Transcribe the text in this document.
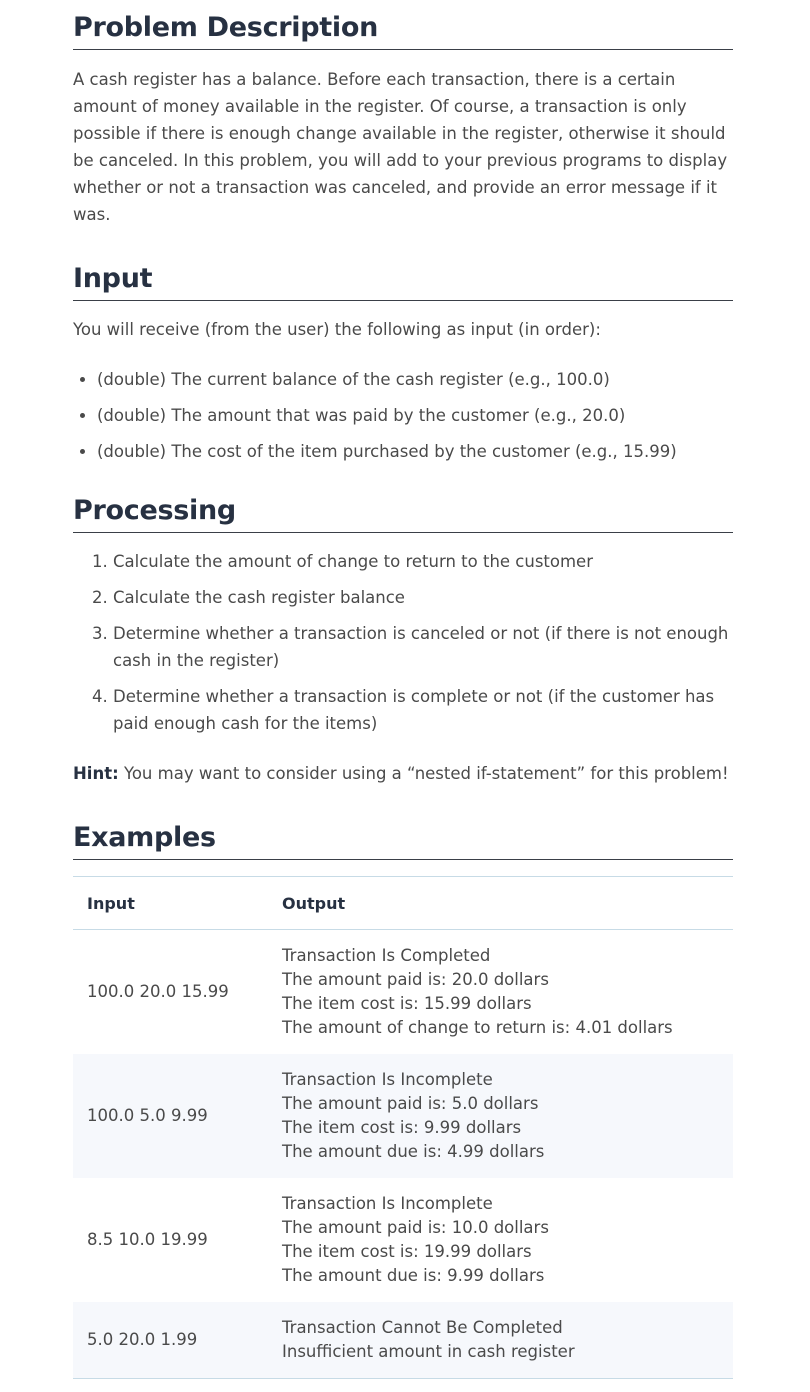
Problem Description

A cash register has a balance. Before each transaction, there is a certain amount of money available in the register. Of course, a transaction is only possible if there is enough change available in the register, otherwise it should be canceled. In this problem, you will add to your previous programs to display whether or not a transaction was canceled, and provide an error message if it was.

Input

You will receive (from the user) the following as input (in order):

• (double) The current balance of the cash register (e.g., 100.0)
• (double) The amount that was paid by the customer (e.g., 20.0)
• (double) The cost of the item purchased by the customer (e.g., 15.99)
Processing
1. Calculate the amount of change to return to the customer
2. Calculate the cash register balance
3. Determine whether a transaction is canceled or not (if there is not enough cash in the register)
4. Determine whether a transaction is complete or not (if the customer has paid enough cash for the items)

Hint: You may want to consider using a “nested if-statement” for this problem!

Examples
Input	Output
100.0 20.0 15.99	Transaction Is Completed
The amount paid is: 20.0 dollars
The item cost is: 15.99 dollars
The amount of change to return is: 4.01 dollars

100.0 5.0 9.99	Transaction Is Incomplete
The amount paid is: 5.0 dollars
The item cost is: 9.99 dollars
The amount due is: 4.99 dollars

8.5 10.0 19.99	Transaction Is Incomplete
The amount paid is: 10.0 dollars
The item cost is: 19.99 dollars
The amount due is: 9.99 dollars

5.0 20.0 1.99	Transaction Cannot Be Completed
Insufficient amount in cash register
